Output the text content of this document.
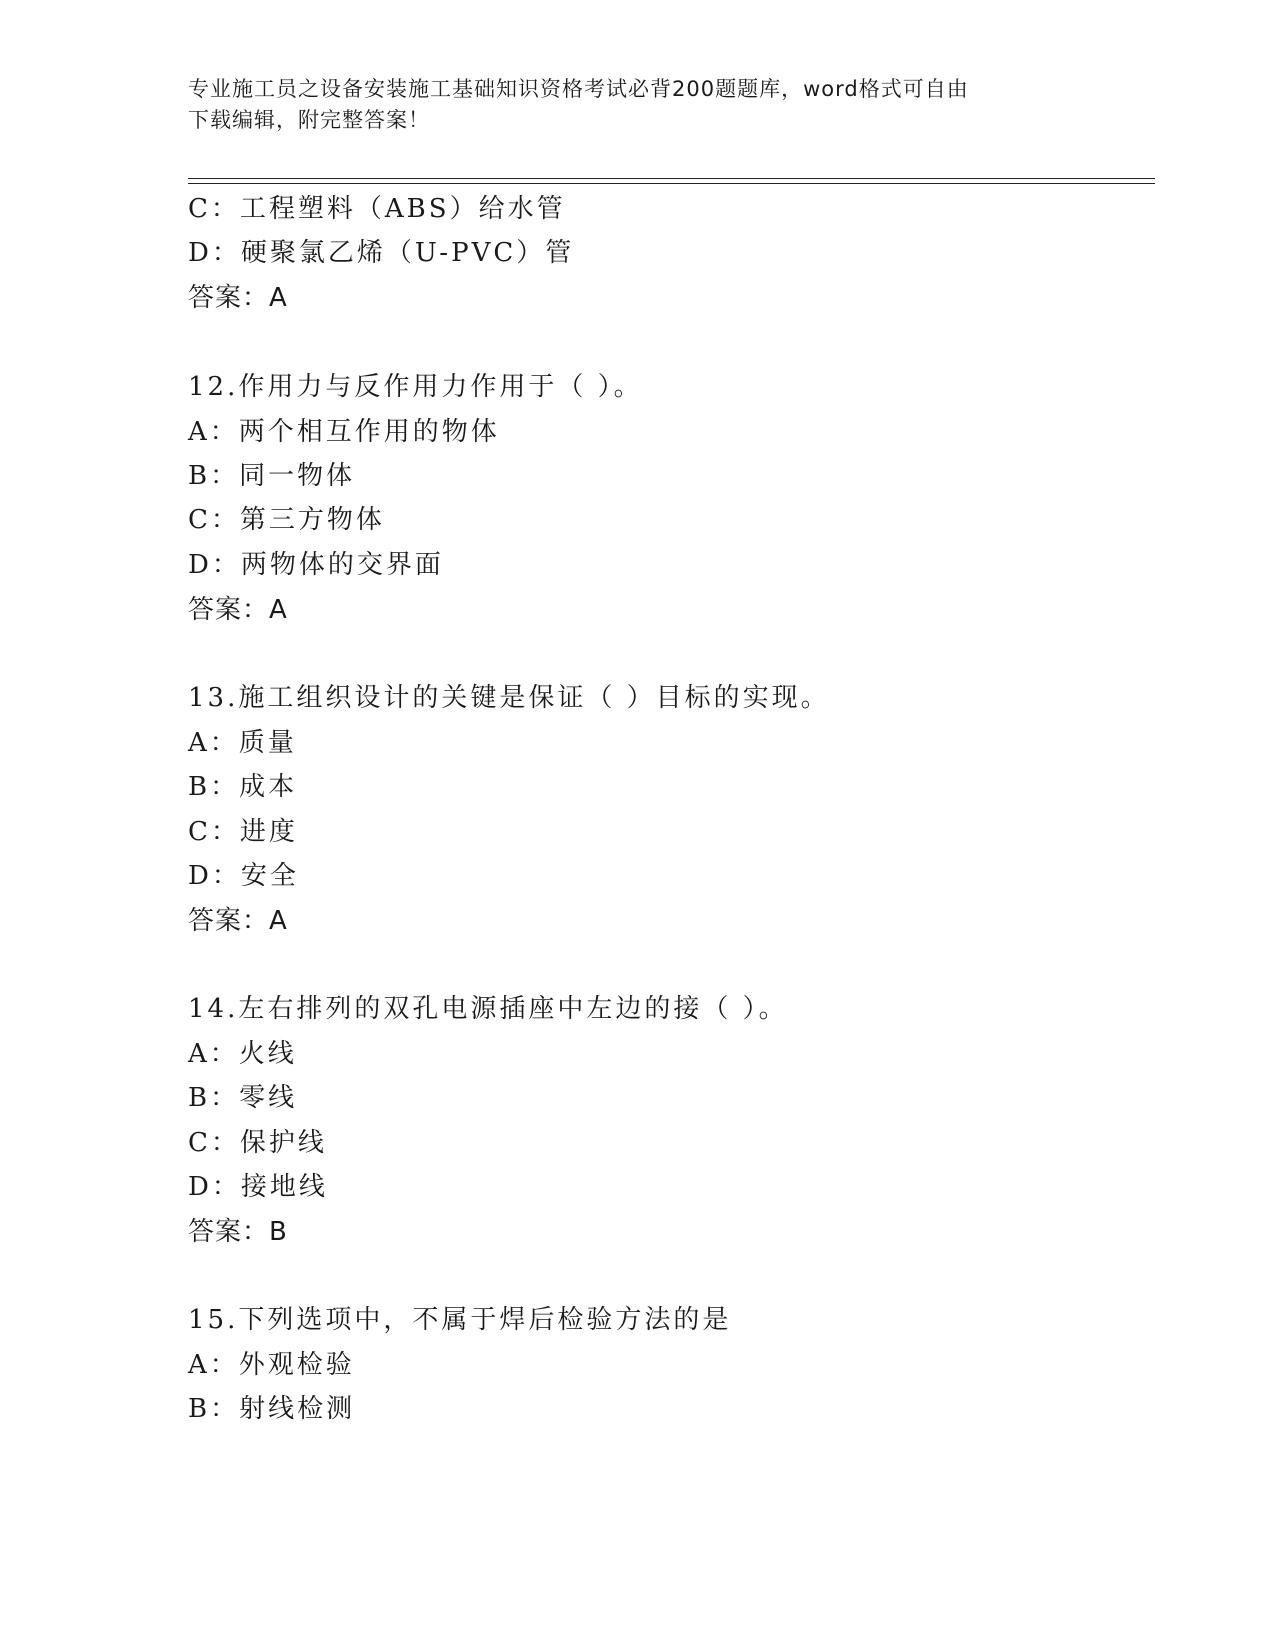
专业施工员之设备安装施工基础知识资格考试必背200题题库，word格式可自由
下载编辑，附完整答案！
C：工程塑料（ABS）给水管
D：硬聚氯乙烯（U-PVC）管
答案：A
12.作用力与反作用力作用于（ ）。
A：两个相互作用的物体
B：同一物体
C：第三方物体
D：两物体的交界面
答案：A
13.施工组织设计的关键是保证（ ）目标的实现。
A：质量
B：成本
C：进度
D：安全
答案：A
14.左右排列的双孔电源插座中左边的接（ ）。
A：火线
B：零线
C：保护线
D：接地线
答案：B
15.下列选项中，不属于焊后检验方法的是
A：外观检验
B：射线检测
